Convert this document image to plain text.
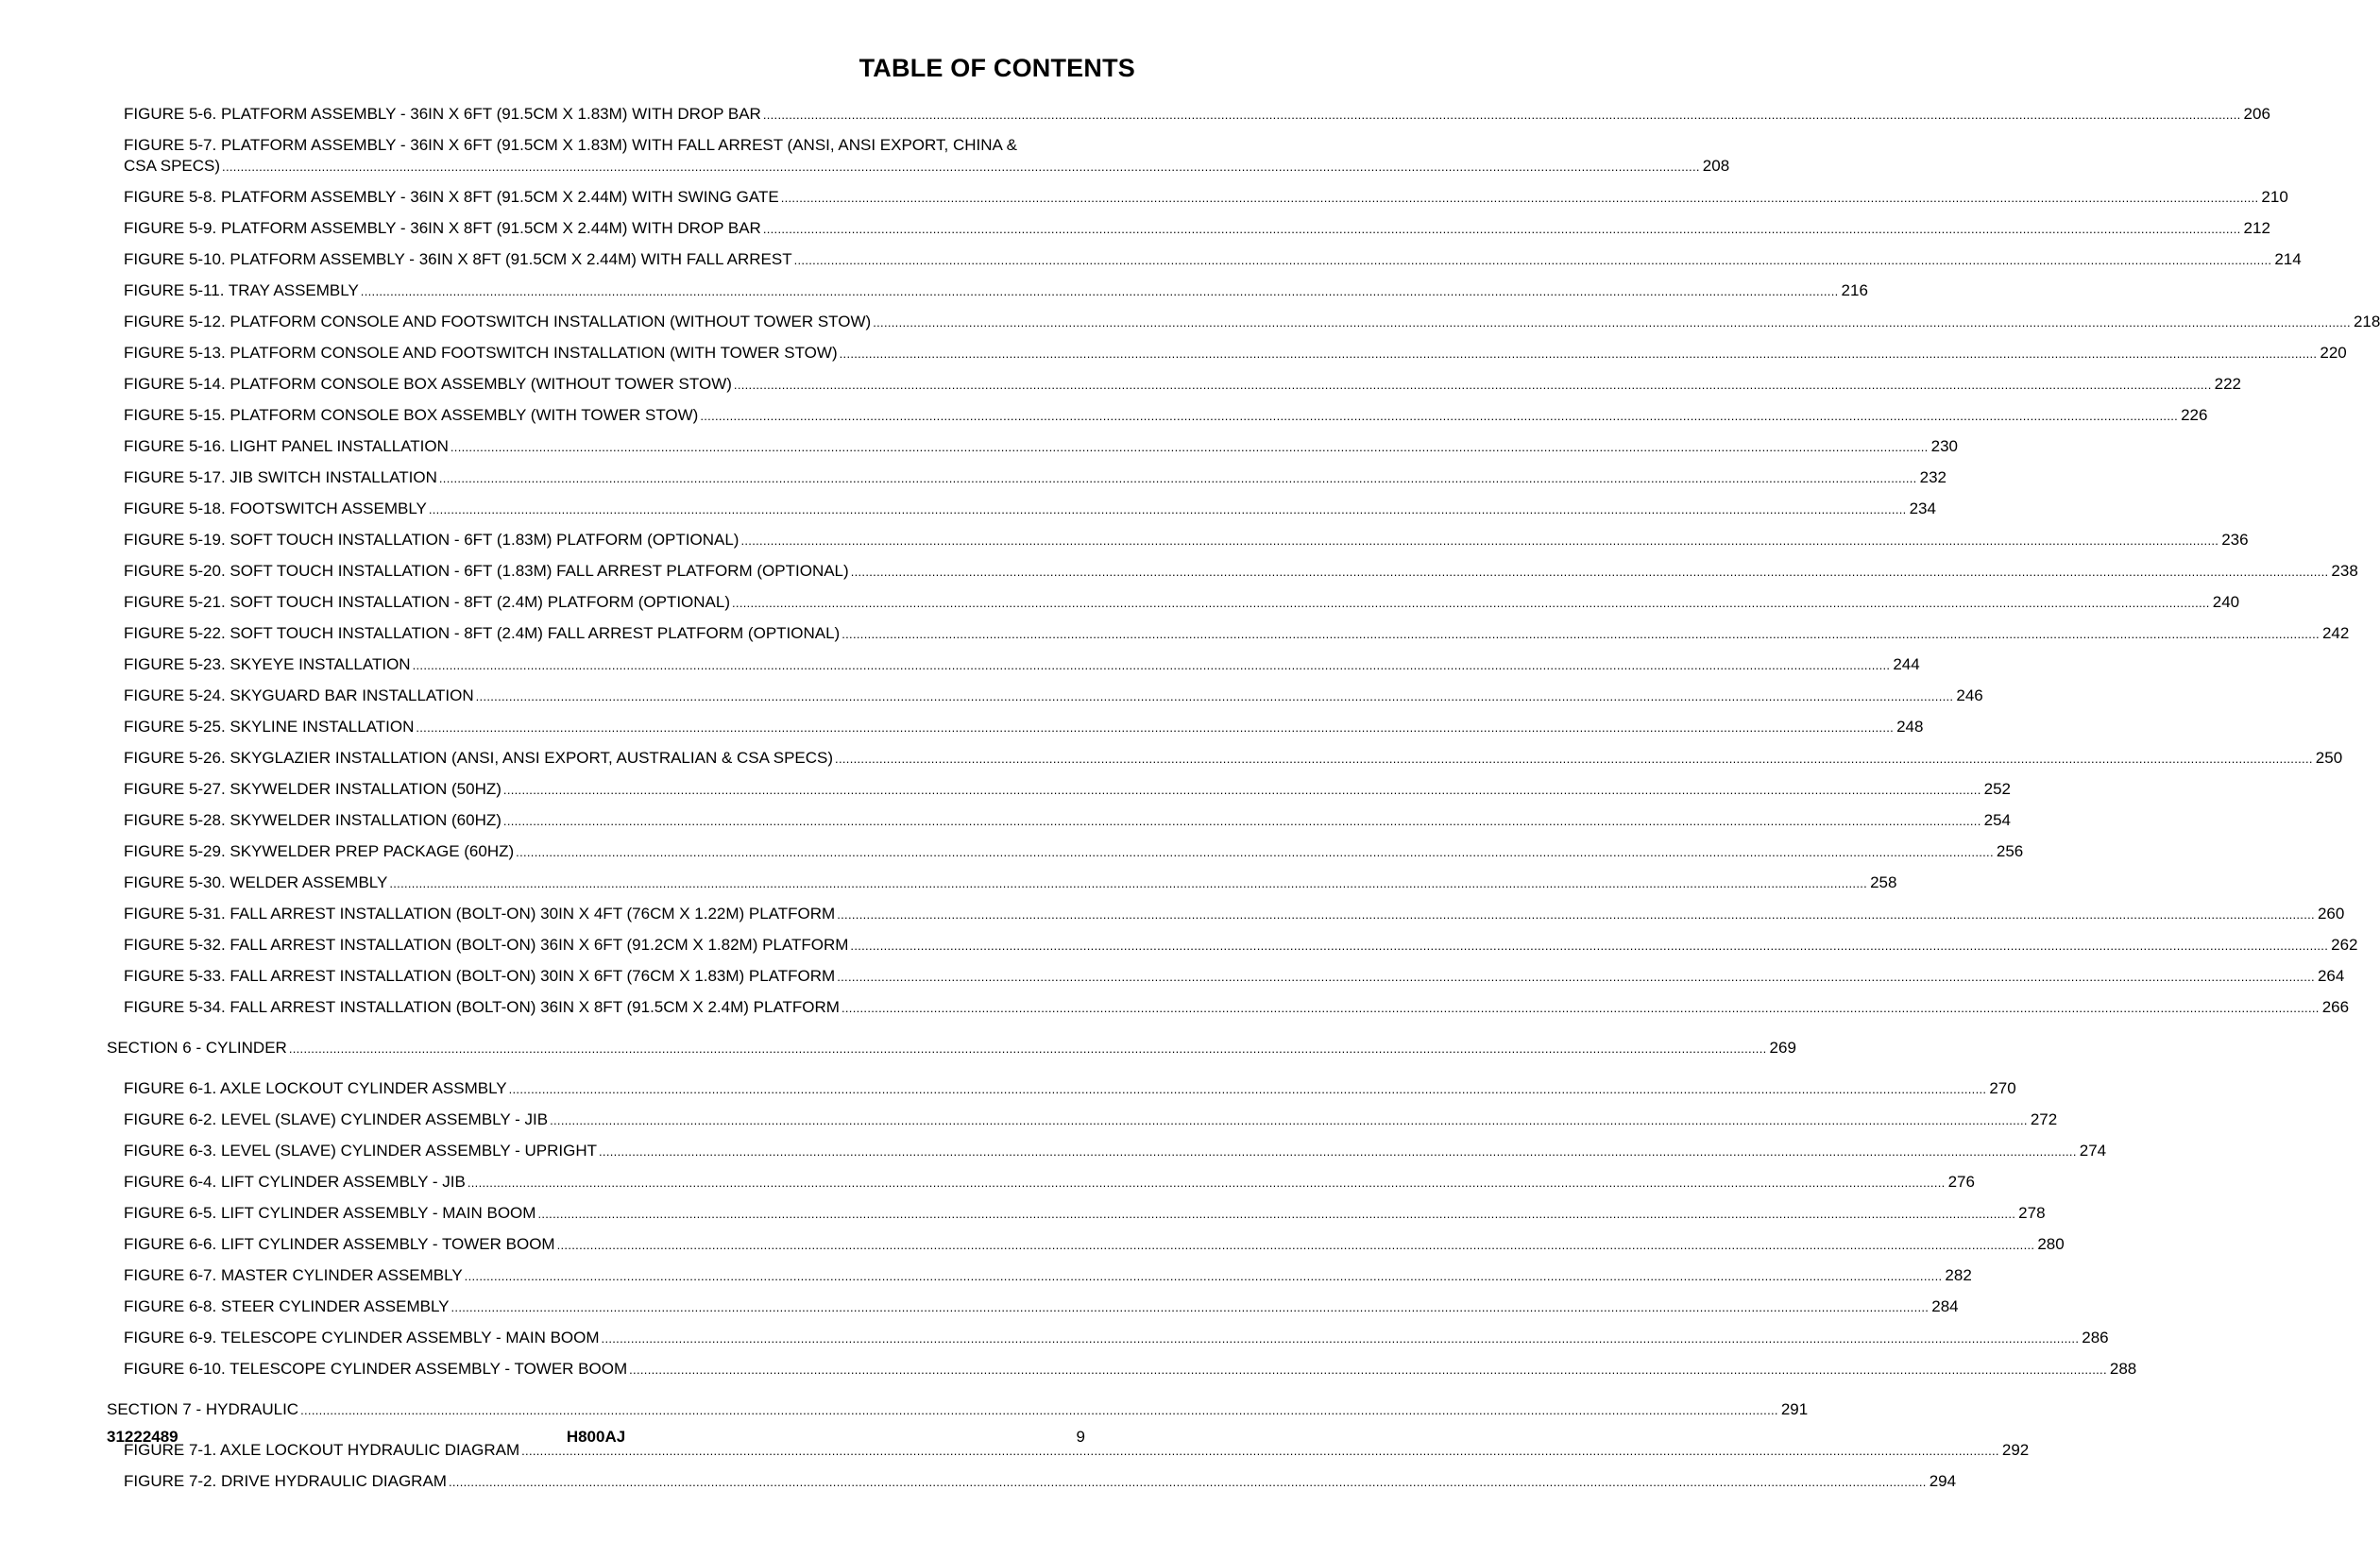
TABLE OF CONTENTS
FIGURE 5-6. PLATFORM ASSEMBLY - 36IN X 6FT (91.5CM X 1.83M) WITH DROP BAR ................................................................................................................................................................................................................................................................................................................................................................................................................ 206
FIGURE 5-7. PLATFORM ASSEMBLY - 36IN X 6FT (91.5CM X 1.83M) WITH FALL ARREST (ANSI, ANSI EXPORT, CHINA &
CSA SPECS) ................................................................................................................................................................................................................................................................................................................................................................................................................ 208
FIGURE 5-8. PLATFORM ASSEMBLY - 36IN X 8FT (91.5CM X 2.44M) WITH SWING GATE ................................................................................................................................................................................................................................................................................................................................................................................................................ 210
FIGURE 5-9. PLATFORM ASSEMBLY - 36IN X 8FT (91.5CM X 2.44M) WITH DROP BAR ................................................................................................................................................................................................................................................................................................................................................................................................................ 212
FIGURE 5-10. PLATFORM ASSEMBLY - 36IN X 8FT (91.5CM X 2.44M) WITH FALL ARREST ................................................................................................................................................................................................................................................................................................................................................................................................................ 214
FIGURE 5-11. TRAY ASSEMBLY ................................................................................................................................................................................................................................................................................................................................................................................................................ 216
FIGURE 5-12. PLATFORM CONSOLE AND FOOTSWITCH INSTALLATION (WITHOUT TOWER STOW) ................................................................................................................................................................................................................................................................................................................................................................................................................ 218
FIGURE 5-13. PLATFORM CONSOLE AND FOOTSWITCH INSTALLATION (WITH TOWER STOW) ................................................................................................................................................................................................................................................................................................................................................................................................................ 220
FIGURE 5-14. PLATFORM CONSOLE BOX ASSEMBLY (WITHOUT TOWER STOW) ................................................................................................................................................................................................................................................................................................................................................................................................................ 222
FIGURE 5-15. PLATFORM CONSOLE BOX ASSEMBLY (WITH TOWER STOW) ................................................................................................................................................................................................................................................................................................................................................................................................................ 226
FIGURE 5-16. LIGHT PANEL INSTALLATION ................................................................................................................................................................................................................................................................................................................................................................................................................ 230
FIGURE 5-17. JIB SWITCH INSTALLATION ................................................................................................................................................................................................................................................................................................................................................................................................................ 232
FIGURE 5-18. FOOTSWITCH ASSEMBLY ................................................................................................................................................................................................................................................................................................................................................................................................................ 234
FIGURE 5-19. SOFT TOUCH INSTALLATION - 6FT (1.83M) PLATFORM (OPTIONAL) ................................................................................................................................................................................................................................................................................................................................................................................................................ 236
FIGURE 5-20. SOFT TOUCH INSTALLATION - 6FT (1.83M) FALL ARREST PLATFORM (OPTIONAL) ................................................................................................................................................................................................................................................................................................................................................................................................................ 238
FIGURE 5-21. SOFT TOUCH INSTALLATION - 8FT (2.4M) PLATFORM (OPTIONAL) ................................................................................................................................................................................................................................................................................................................................................................................................................ 240
FIGURE 5-22. SOFT TOUCH INSTALLATION - 8FT (2.4M) FALL ARREST PLATFORM (OPTIONAL) ................................................................................................................................................................................................................................................................................................................................................................................................................ 242
FIGURE 5-23. SKYEYE INSTALLATION ................................................................................................................................................................................................................................................................................................................................................................................................................ 244
FIGURE 5-24. SKYGUARD BAR INSTALLATION ................................................................................................................................................................................................................................................................................................................................................................................................................ 246
FIGURE 5-25. SKYLINE INSTALLATION ................................................................................................................................................................................................................................................................................................................................................................................................................ 248
FIGURE 5-26. SKYGLAZIER INSTALLATION (ANSI, ANSI EXPORT, AUSTRALIAN & CSA SPECS) ................................................................................................................................................................................................................................................................................................................................................................................................................ 250
FIGURE 5-27. SKYWELDER INSTALLATION (50HZ) ................................................................................................................................................................................................................................................................................................................................................................................................................ 252
FIGURE 5-28. SKYWELDER INSTALLATION (60HZ) ................................................................................................................................................................................................................................................................................................................................................................................................................ 254
FIGURE 5-29. SKYWELDER PREP PACKAGE (60HZ) ................................................................................................................................................................................................................................................................................................................................................................................................................ 256
FIGURE 5-30. WELDER ASSEMBLY ................................................................................................................................................................................................................................................................................................................................................................................................................ 258
FIGURE 5-31. FALL ARREST INSTALLATION (BOLT-ON) 30IN X 4FT (76CM X 1.22M) PLATFORM ................................................................................................................................................................................................................................................................................................................................................................................................................ 260
FIGURE 5-32. FALL ARREST INSTALLATION (BOLT-ON) 36IN X 6FT (91.2CM X 1.82M) PLATFORM ................................................................................................................................................................................................................................................................................................................................................................................................................ 262
FIGURE 5-33. FALL ARREST INSTALLATION (BOLT-ON) 30IN X 6FT (76CM X 1.83M) PLATFORM ................................................................................................................................................................................................................................................................................................................................................................................................................ 264
FIGURE 5-34. FALL ARREST INSTALLATION (BOLT-ON) 36IN X 8FT (91.5CM X 2.4M) PLATFORM ................................................................................................................................................................................................................................................................................................................................................................................................................ 266
SECTION 6 - CYLINDER ................................................................................................................................................................................................................................................................................................................................................................................................................ 269
FIGURE 6-1. AXLE LOCKOUT CYLINDER ASSMBLY ................................................................................................................................................................................................................................................................................................................................................................................................................ 270
FIGURE 6-2. LEVEL (SLAVE) CYLINDER ASSEMBLY - JIB ................................................................................................................................................................................................................................................................................................................................................................................................................ 272
FIGURE 6-3. LEVEL (SLAVE) CYLINDER ASSEMBLY - UPRIGHT ................................................................................................................................................................................................................................................................................................................................................................................................................ 274
FIGURE 6-4. LIFT CYLINDER ASSEMBLY - JIB ................................................................................................................................................................................................................................................................................................................................................................................................................ 276
FIGURE 6-5. LIFT CYLINDER ASSEMBLY - MAIN BOOM ................................................................................................................................................................................................................................................................................................................................................................................................................ 278
FIGURE 6-6. LIFT CYLINDER ASSEMBLY - TOWER BOOM ................................................................................................................................................................................................................................................................................................................................................................................................................ 280
FIGURE 6-7. MASTER CYLINDER ASSEMBLY ................................................................................................................................................................................................................................................................................................................................................................................................................ 282
FIGURE 6-8. STEER CYLINDER ASSEMBLY ................................................................................................................................................................................................................................................................................................................................................................................................................ 284
FIGURE 6-9. TELESCOPE CYLINDER ASSEMBLY - MAIN BOOM ................................................................................................................................................................................................................................................................................................................................................................................................................ 286
FIGURE 6-10. TELESCOPE CYLINDER ASSEMBLY - TOWER BOOM ................................................................................................................................................................................................................................................................................................................................................................................................................ 288
SECTION 7 - HYDRAULIC ................................................................................................................................................................................................................................................................................................................................................................................................................ 291
FIGURE 7-1. AXLE LOCKOUT HYDRAULIC DIAGRAM ................................................................................................................................................................................................................................................................................................................................................................................................................ 292
FIGURE 7-2. DRIVE HYDRAULIC DIAGRAM ................................................................................................................................................................................................................................................................................................................................................................................................................ 294
31222489	H800AJ	9
